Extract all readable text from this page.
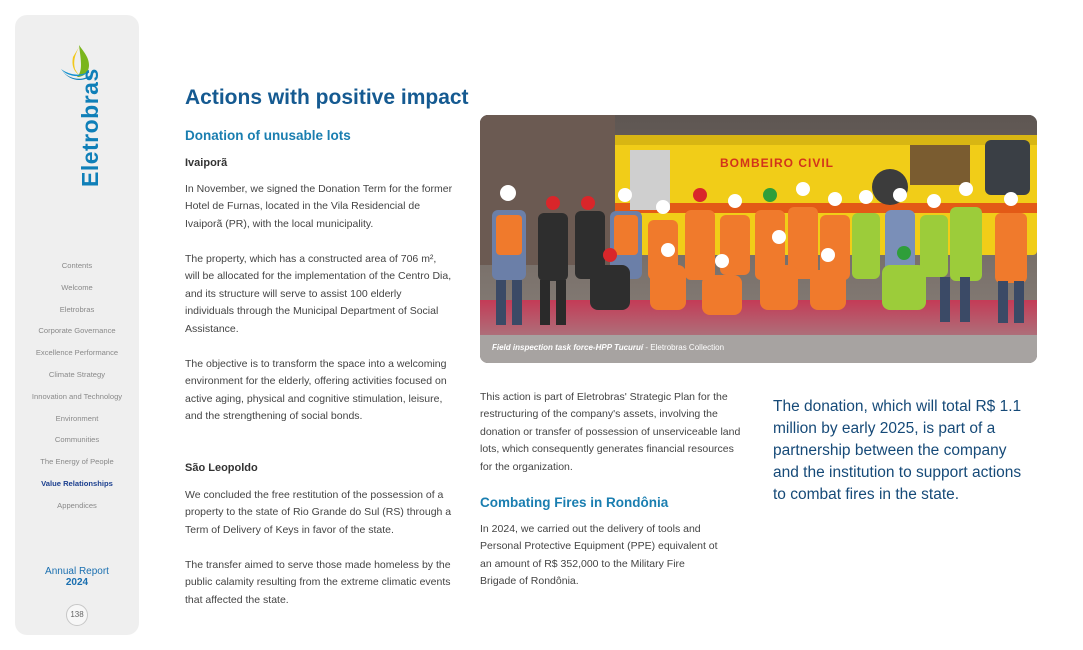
Eletrobras
Contents
Welcome
Eletrobras
Corporate Governance
Excellence Performance
Climate Strategy
Innovation and Technology
Environment
Communities
The Energy of People
Value Relationships
Appendices
Annual Report
2024
138
Actions with positive impact
Donation of unusable lots
Ivaiporã

In November, we signed the Donation Term for the former Hotel de Furnas, located in the Vila Residencial de Ivaiporã (PR), with the local municipality.

The property, which has a constructed area of 706 m², will be allocated for the implementation of the Centro Dia, and its structure will serve to assist 100 elderly individuals through the Municipal Department of Social Assistance.

The objective is to transform the space into a welcoming environment for the elderly, offering activities focused on active aging, physical and cognitive stimulation, leisure, and the strengthening of social bonds.

São Leopoldo

We concluded the free restitution of the possession of a property to the state of Rio Grande do Sul (RS) through a Term of Delivery of Keys in favor of the state.

The transfer aimed to serve those made homeless by the public calamity resulting from the extreme climatic events that affected the state.

BOMBEIRO CIVIL
Field inspection task force-HPP Tucuruí - Eletrobras Collection

This action is part of Eletrobras' Strategic Plan for the restructuring of the company's assets, involving the donation or transfer of possession of unserviceable land lots, which consequently generates financial resources for the organization.

Combating Fires in Rondônia

In 2024, we carried out the delivery of tools and Personal Protective Equipment (PPE) equivalent ot an amount of R$ 352,000 to the Military Fire Brigade of Rondônia.

The donation, which will total R$ 1.1 million by early 2025, is part of a partnership between the company and the institution to support actions to combat fires in the state.
